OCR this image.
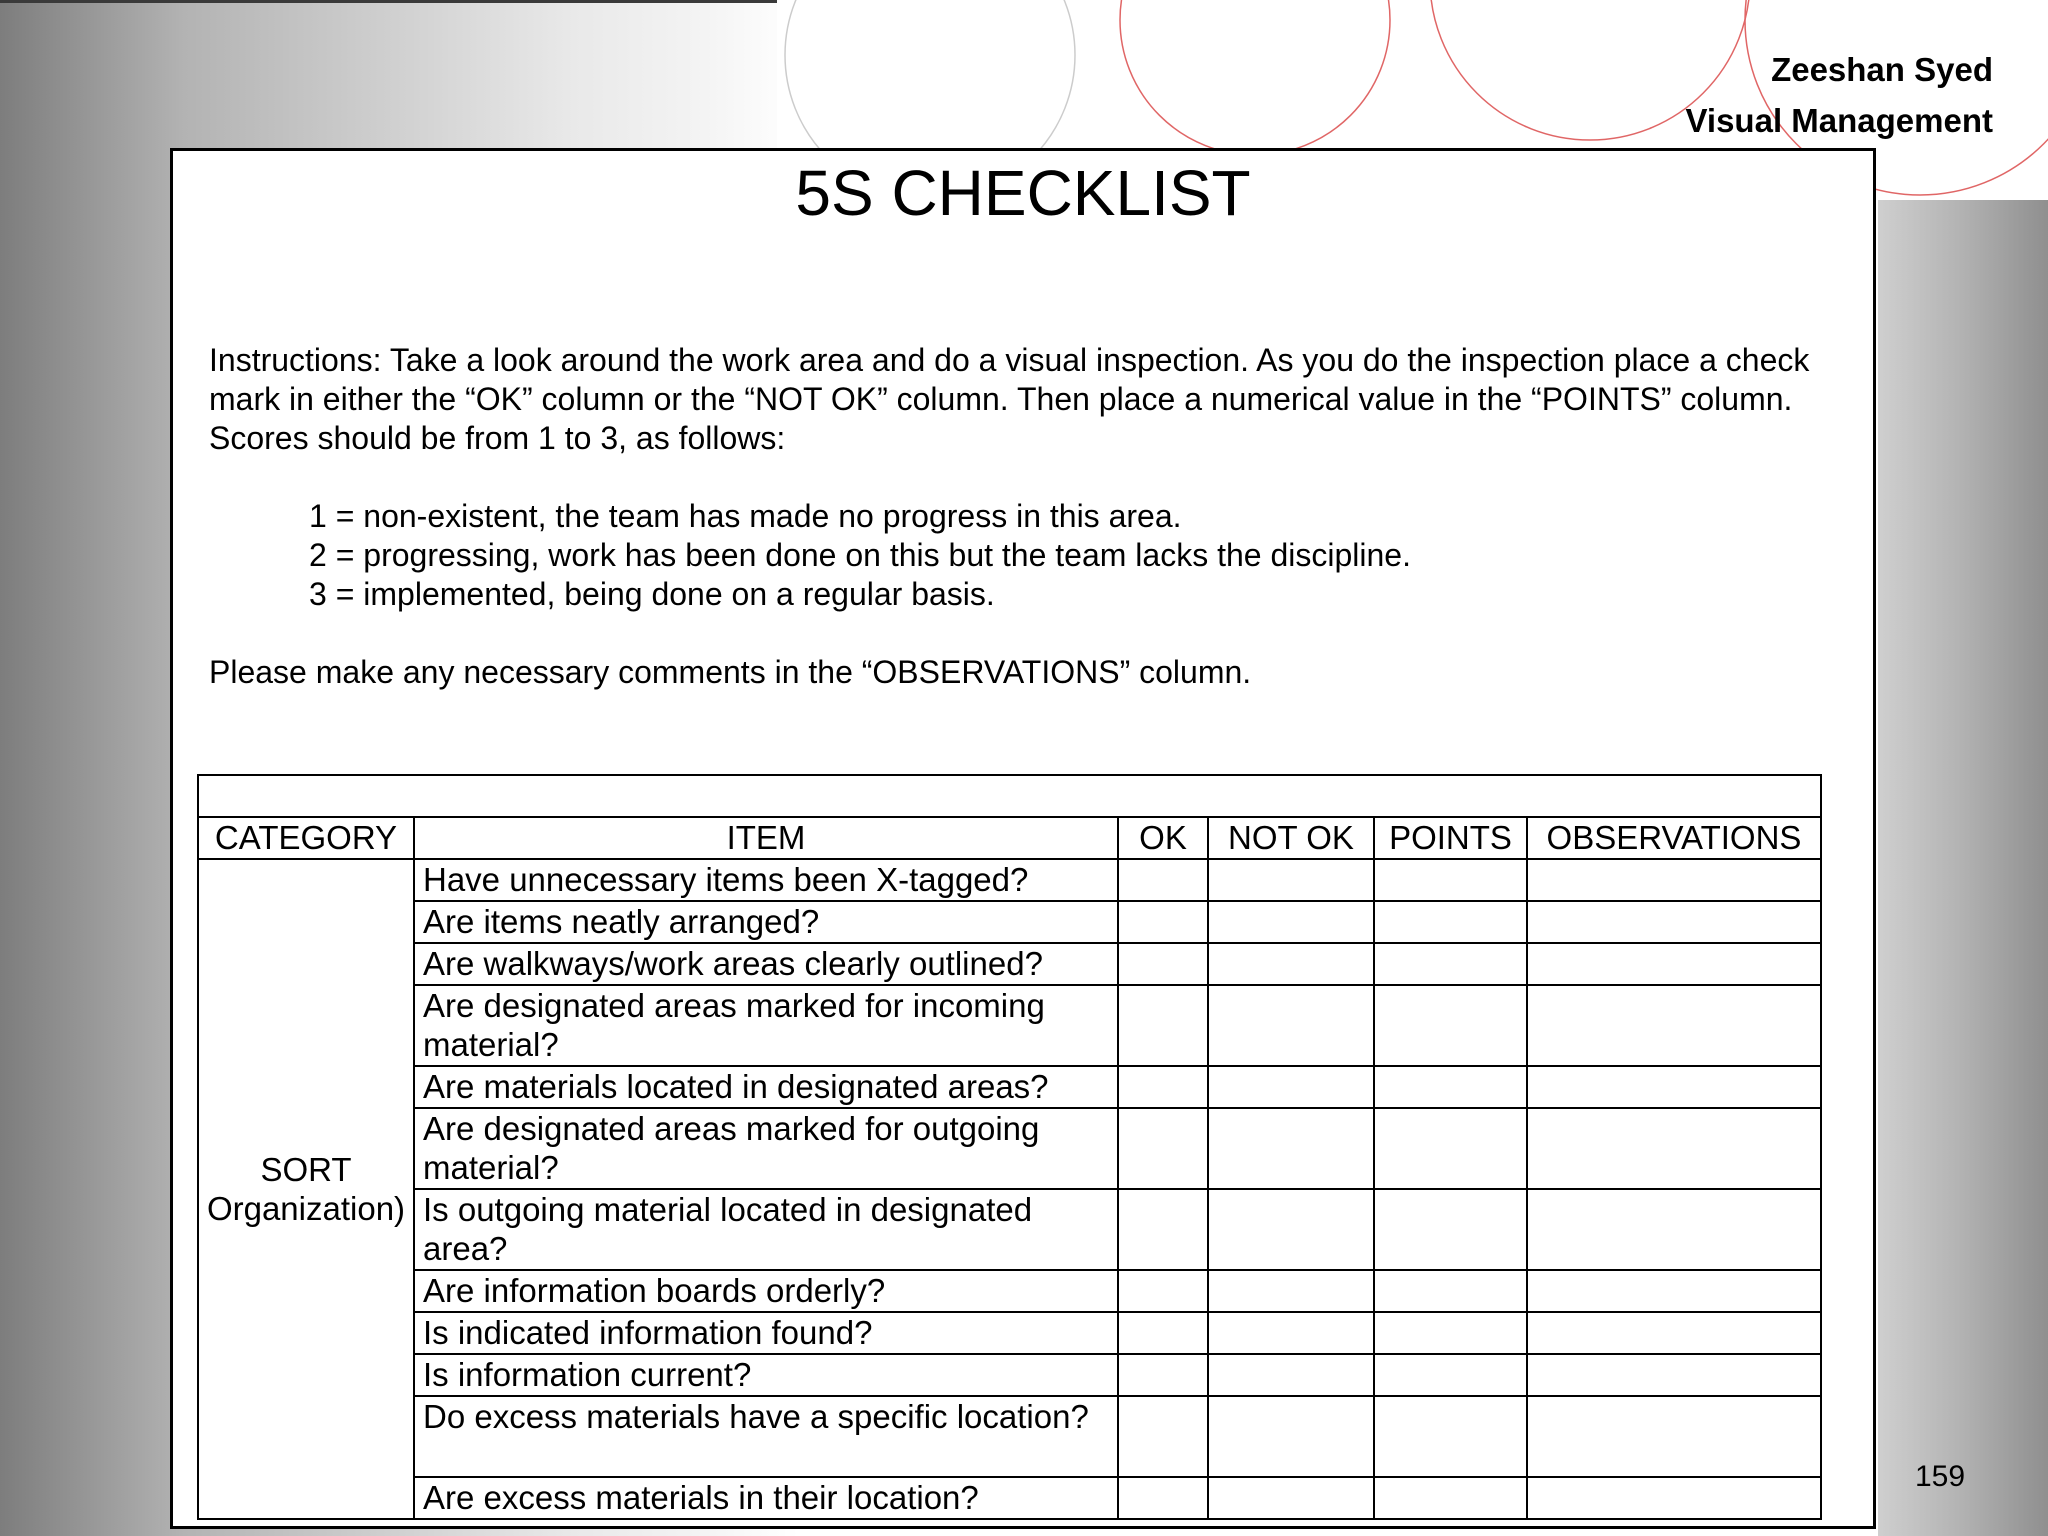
Zeeshan Syed
Visual Management
159
5S CHECKLIST

Instructions: Take a look around the work area and do a visual inspection. As you do the inspection place a check mark in either the “OK” column or the “NOT OK” column. Then place a numerical value in the “POINTS” column. Scores should be from 1 to 3, as follows:

1 = non-existent, the team has made no progress in this area.
2 = progressing, work has been done on this but the team lacks the discipline.
3 = implemented, being done on a regular basis.

Please make any necessary comments in the “OBSERVATIONS” column.

CATEGORY	ITEM	OK	NOT OK	POINTS	OBSERVATIONS

SORT
Organization)	Have unnecessary items been X-tagged?				
	Are items neatly arranged?				
	Are walkways/work areas clearly outlined?				
	Are designated areas marked for incoming material?				
	Are materials located in designated areas?				
	Are designated areas marked for outgoing material?				
	Is outgoing material located in designated area?				
	Are information boards orderly?				
	Is indicated information found?				
	Is information current?				
	Do excess materials have a specific location?				
	Are excess materials in their location?				
